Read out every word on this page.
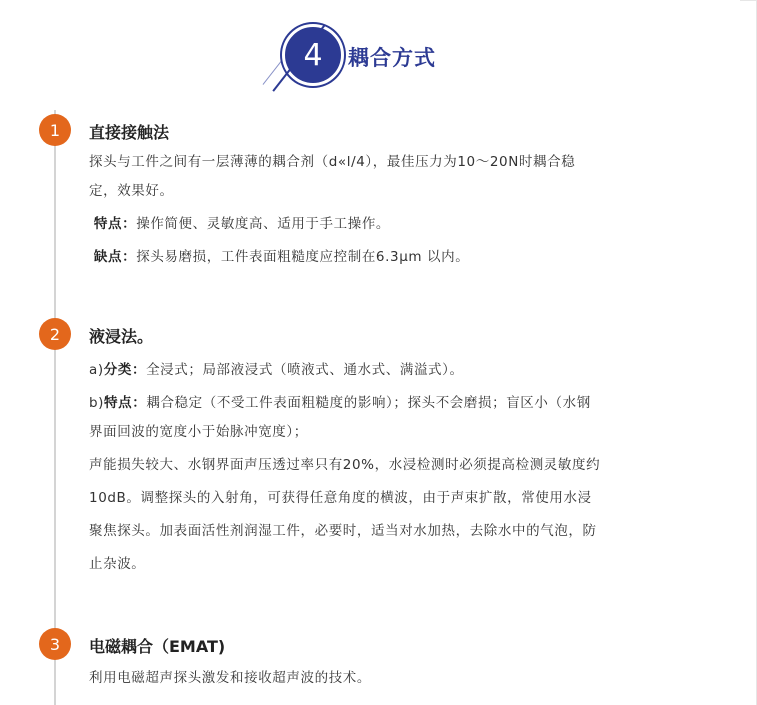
4	耦合方式
1	直接接触法
探头与工件之间有一层薄薄的耦合剂（d«l/4），最佳压力为10～20N时耦合稳
定，效果好。
特点：操作简便、灵敏度高、适用于手工操作。
缺点：探头易磨损，工件表面粗糙度应控制在6.3μm 以内。
2	液浸法。
a)分类：全浸式；局部液浸式（喷液式、通水式、满溢式）。
b)特点：耦合稳定（不受工件表面粗糙度的影响）；探头不会磨损；盲区小（水钢
界面回波的宽度小于始脉冲宽度）；
声能损失较大、水钢界面声压透过率只有20%，水浸检测时必须提高检测灵敏度约
10dB。调整探头的入射角，可获得任意角度的横波，由于声束扩散，常使用水浸
聚焦探头。加表面活性剂润湿工件，必要时，适当对水加热，去除水中的气泡，防
止杂波。
3	电磁耦合（EMAT)
利用电磁超声探头激发和接收超声波的技术。
